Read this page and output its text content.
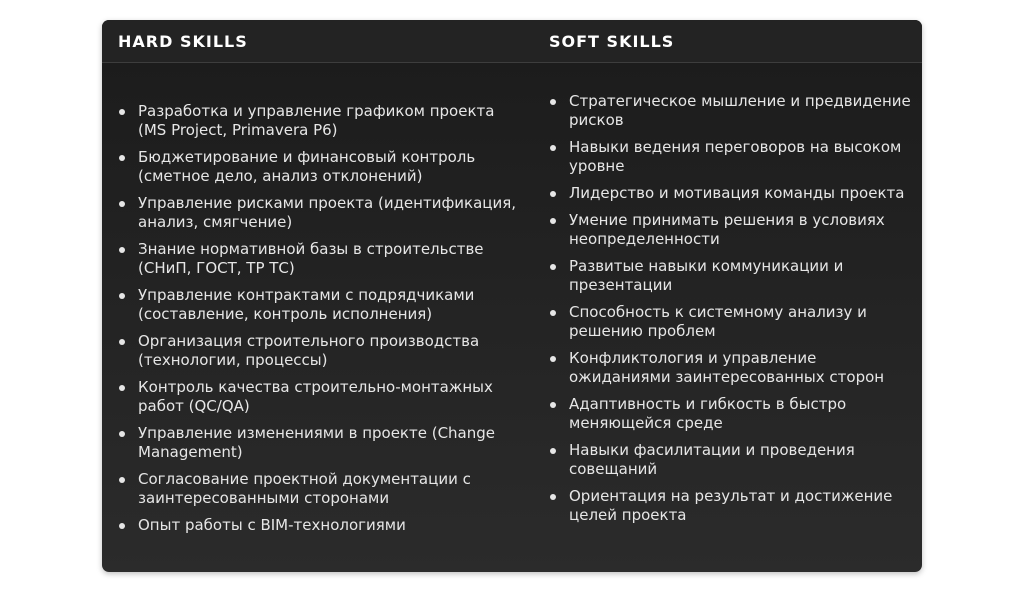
HARD SKILLS	SOFT SKILLS
Разработка и управление графиком проекта (MS Project, Primavera P6)
Бюджетирование и финансовый контроль (сметное дело, анализ отклонений)
Управление рисками проекта (идентификация, анализ, смягчение)
Знание нормативной базы в строительстве (СНиП, ГОСТ, ТР ТС)
Управление контрактами с подрядчиками (составление, контроль исполнения)
Организация строительного производства (технологии, процессы)
Контроль качества строительно-монтажных работ (QC/QA)
Управление изменениями в проекте (Change Management)
Согласование проектной документации с заинтересованными сторонами
Опыт работы с BIM-технологиями
Стратегическое мышление и предвидение рисков
Навыки ведения переговоров на высоком уровне
Лидерство и мотивация команды проекта
Умение принимать решения в условиях неопределенности
Развитые навыки коммуникации и презентации
Способность к системному анализу и решению проблем
Конфликтология и управление ожиданиями заинтересованных сторон
Адаптивность и гибкость в быстро меняющейся среде
Навыки фасилитации и проведения совещаний
Ориентация на результат и достижение целей проекта
